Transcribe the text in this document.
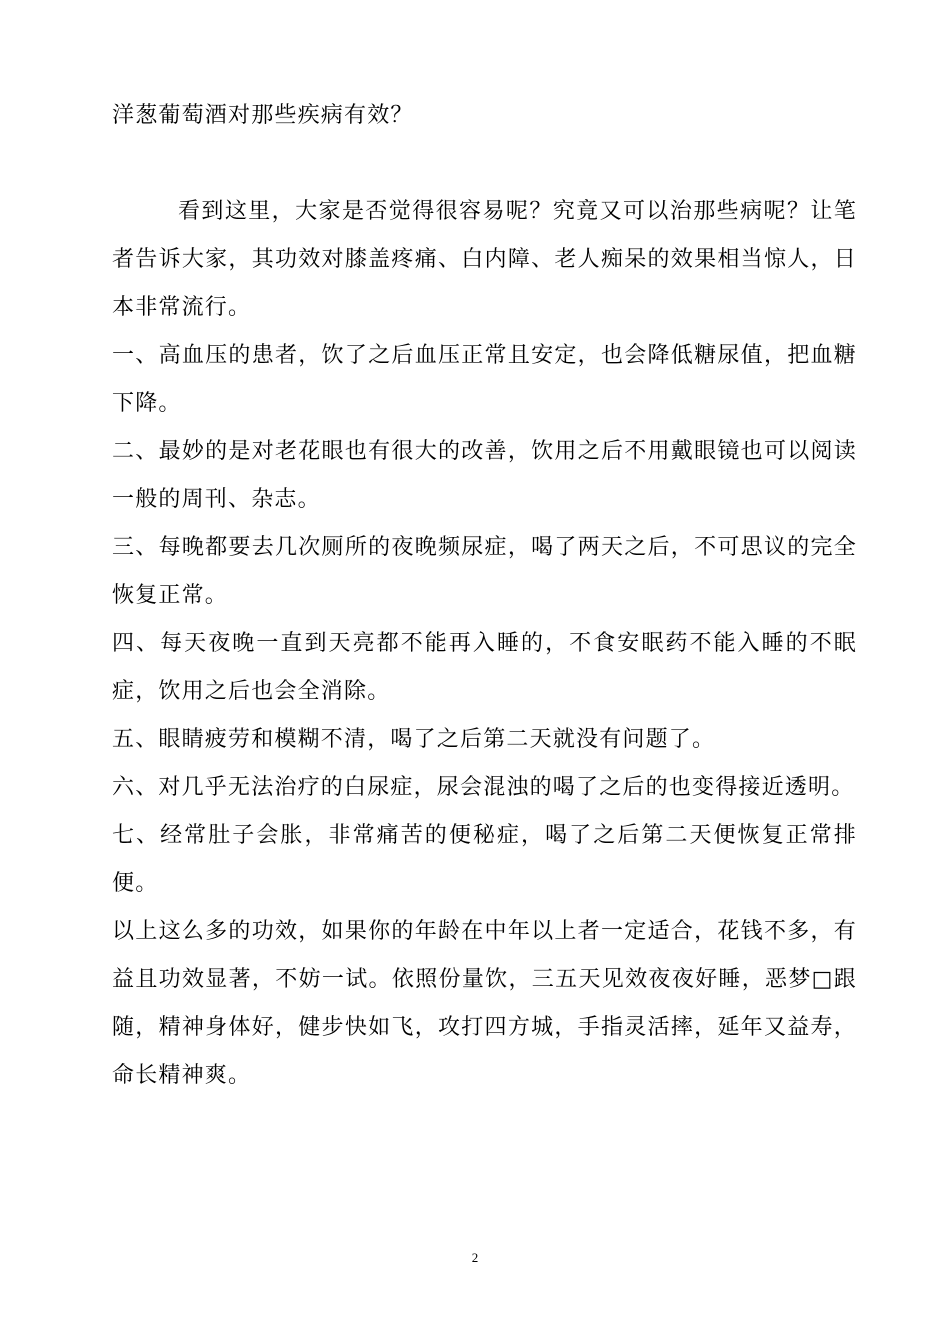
洋葱葡萄酒对那些疾病有效？

看到这里，大家是否觉得很容易呢？究竟又可以治那些病呢？让笔者告诉大家，其功效对膝盖疼痛、白内障、老人痴呆的效果相当惊人，日本非常流行。

一、高血压的患者，饮了之后血压正常且安定，也会降低糖尿值，把血糖下降。

二、最妙的是对老花眼也有很大的改善，饮用之后不用戴眼镜也可以阅读一般的周刊、杂志。

三、每晚都要去几次厕所的夜晚频尿症，喝了两天之后，不可思议的完全恢复正常。

四、每天夜晚一直到天亮都不能再入睡的，不食安眠药不能入睡的不眠症，饮用之后也会全消除。

五、眼睛疲劳和模糊不清，喝了之后第二天就没有问题了。

六、对几乎无法治疗的白尿症，尿会混浊的喝了之后的也变得接近透明。

七、经常肚子会胀，非常痛苦的便秘症，喝了之后第二天便恢复正常排便。

以上这么多的功效，如果你的年龄在中年以上者一定适合，花钱不多，有益且功效显著，不妨一试。依照份量饮，三五天见效夜夜好睡，恶梦□跟随，精神身体好，健步快如飞，攻打四方城，手指灵活摔，延年又益寿，命长精神爽。

2
